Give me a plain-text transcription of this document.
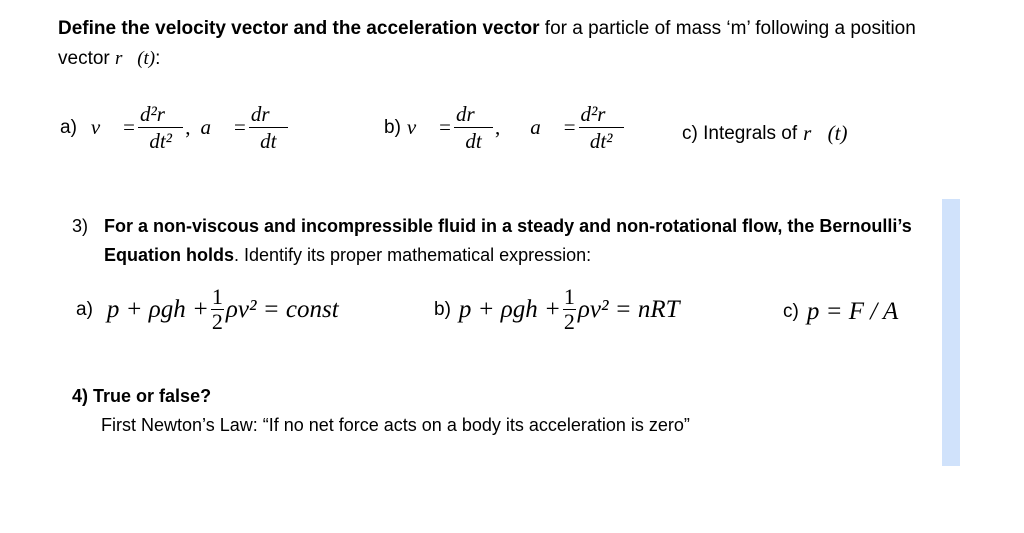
Define the velocity vector and the acceleration vector for a particle of mass ‘m’ following a position vector r⃗(t):
a) v⃗ = $\frac{\text{d²r⃗}}{\text{dt²}}$ , a⃗ = $\frac{dr⃗}{dt}$	b) v⃗ = $\frac{dr⃗}{dt}$ , a⃗ = $\frac{\text{d²r⃗}}{\text{dt²}}$	c) Integrals of r⃗(t)
3) For a non-viscous and incompressible fluid in a steady and non-rotational flow, the Bernoulli’s
Equation holds. Identify its proper mathematical expression:
a) $p + \rho gh + \frac{1}{2} \rho v^2$ = const	b) $p + \rho gh + \frac{1}{2} \rho v^2$ = nRT	c) p = F / A
4) True or false?
First Newton’s Law: “If no net force acts on a body its acceleration is zero”
